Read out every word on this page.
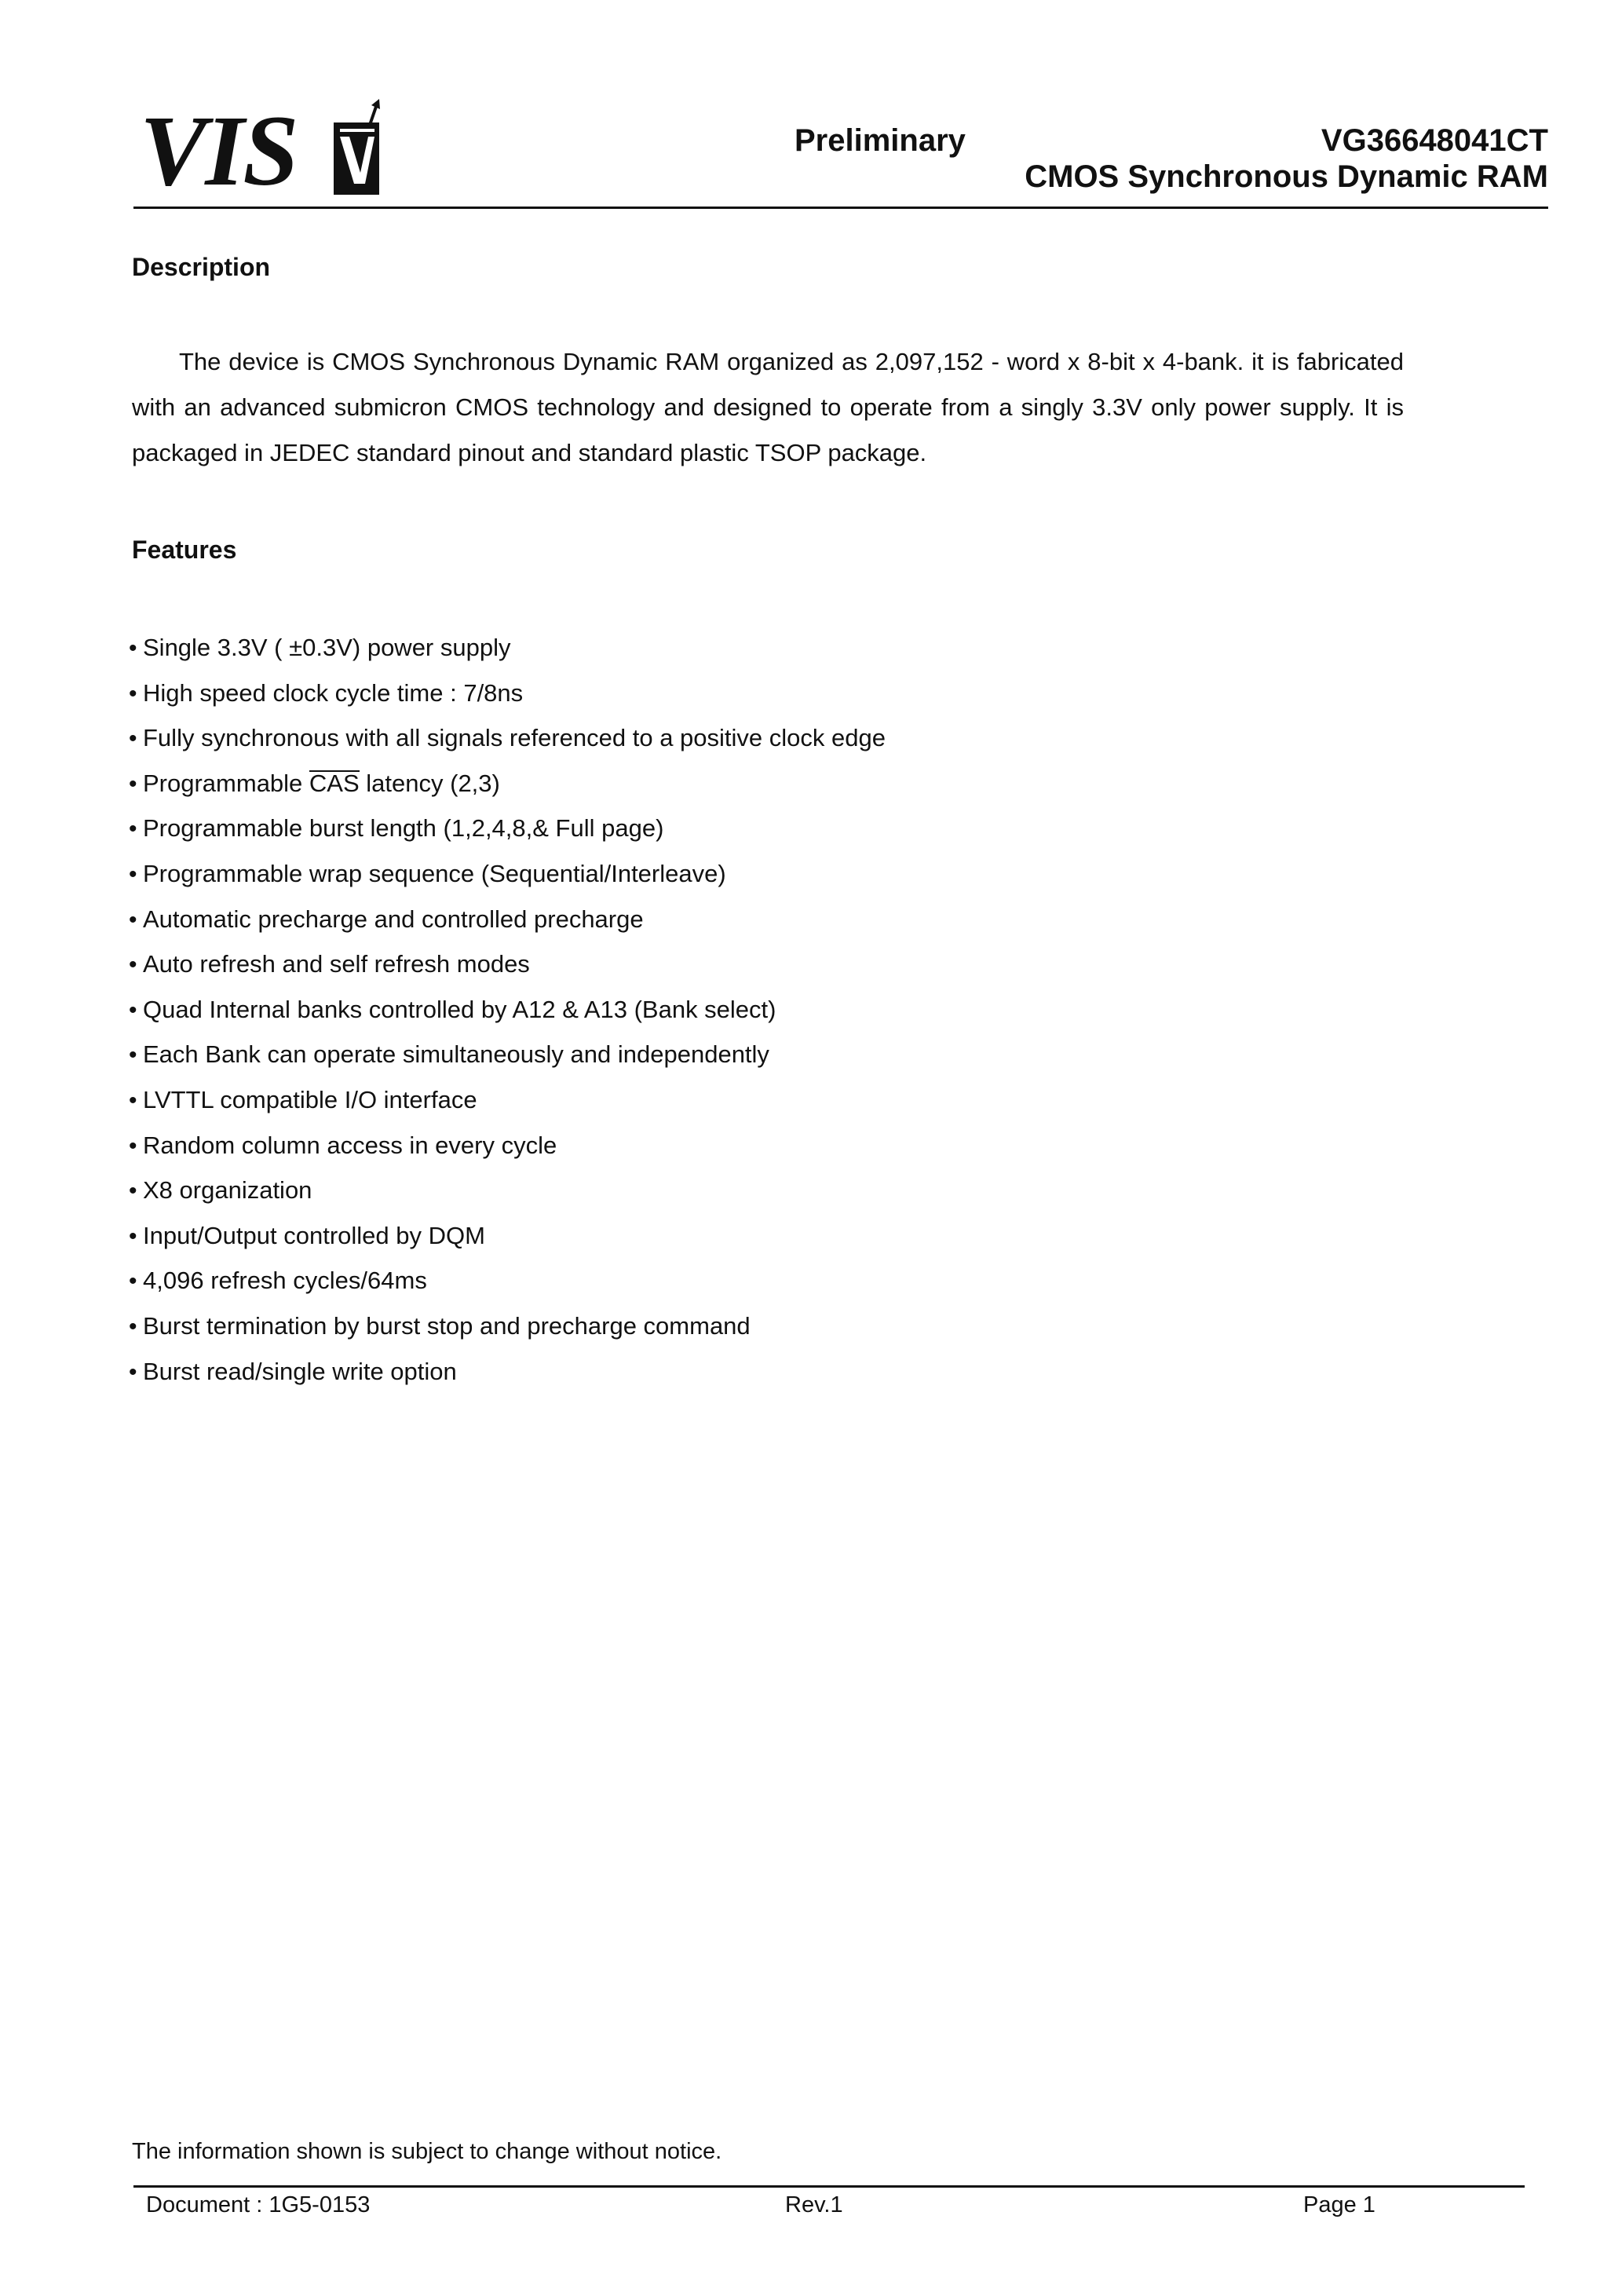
VIS	Preliminary	VG36648041CT
CMOS Synchronous Dynamic RAM
Description

The device is CMOS Synchronous Dynamic RAM organized as 2,097,152 - word x 8-bit x 4-bank. it is fabricated with an advanced submicron CMOS technology and designed to operate from a singly 3.3V only power supply. It is packaged in JEDEC standard pinout and standard plastic TSOP package.

Features
• Single 3.3V ( ±0.3V) power supply
• High speed clock cycle time : 7/8ns
• Fully synchronous with all signals referenced to a positive clock edge
• Programmable CAS latency (2,3)
• Programmable burst length (1,2,4,8,& Full page)
• Programmable wrap sequence (Sequential/Interleave)
• Automatic precharge and controlled precharge
• Auto refresh and self refresh modes
• Quad Internal banks controlled by A12 & A13 (Bank select)
• Each Bank can operate simultaneously and independently
• LVTTL compatible I/O interface
• Random column access in every cycle
• X8 organization
• Input/Output controlled by DQM
• 4,096 refresh cycles/64ms
• Burst termination by burst stop and precharge command
• Burst read/single write option
The information shown is subject to change without notice.
Document : 1G5-0153	Rev.1	Page 1
